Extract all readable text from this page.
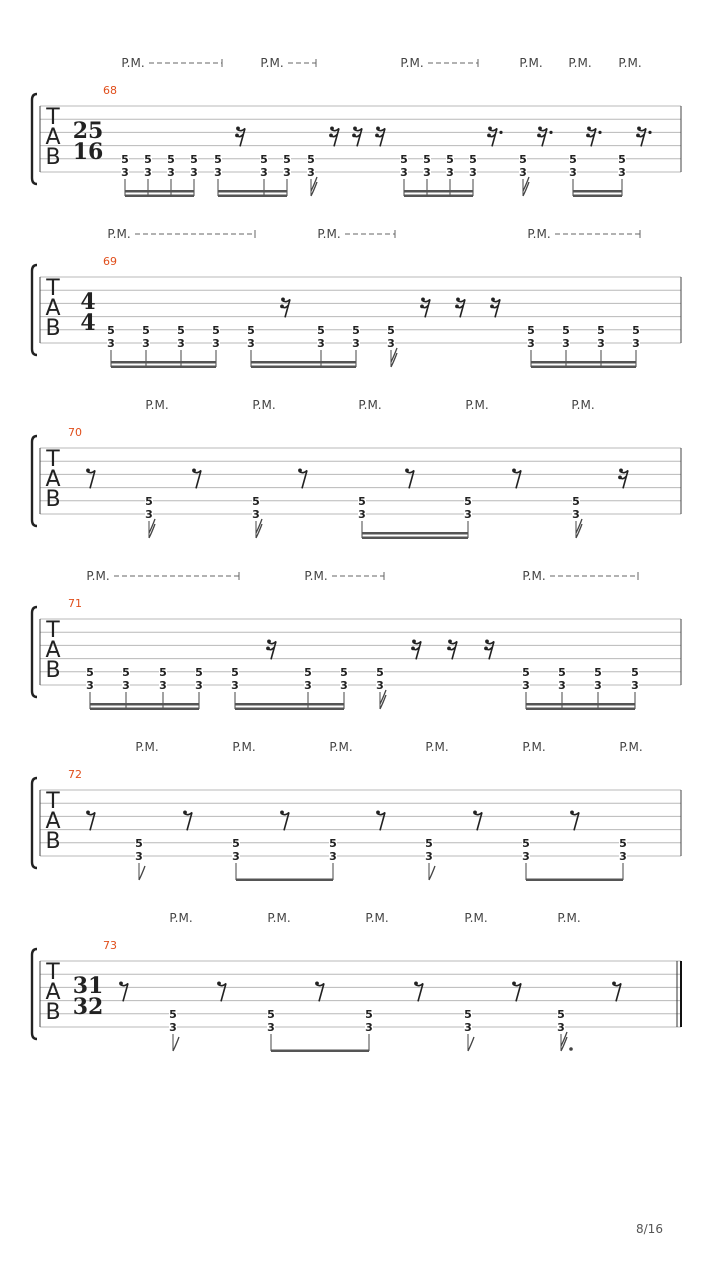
T
A
B
68
25
16
P.M.	P.M.	P.M.	P.M. P.M. P.M.
5
3
5
3
5
3
5
3
5
3
5
3
5
3
5
3
5
3
5
3
5
3
5
3
5
3
5
3
5
3
T
A
B
69
4
4
P.M.	P.M.	P.M.
5
3
5
3
5
3
5
3
5
3
5
3
5
3
5
3
5
3
5
3
5
3
5
3
T
A
B
70
P.M.	P.M.	P.M.	P.M.	P.M.
5
3
5
3
5
3
5
3
5
3
T
A
B
71
P.M.	P.M.	P.M.
5
3
5
3
5
3
5
3
5
3
5
3
5
3
5
3
5
3
5
3
5
3
5
3
T
A
B
72
P.M.	P.M.	P.M.	P.M.	P.M.	P.M.
5
3
5
3
5
3
5
3
5
3
5
3
T
A
B
73
31
32
P.M.	P.M.	P.M.	P.M.	P.M.
5
3
5
3
5
3
5
3
5
3
8/16
